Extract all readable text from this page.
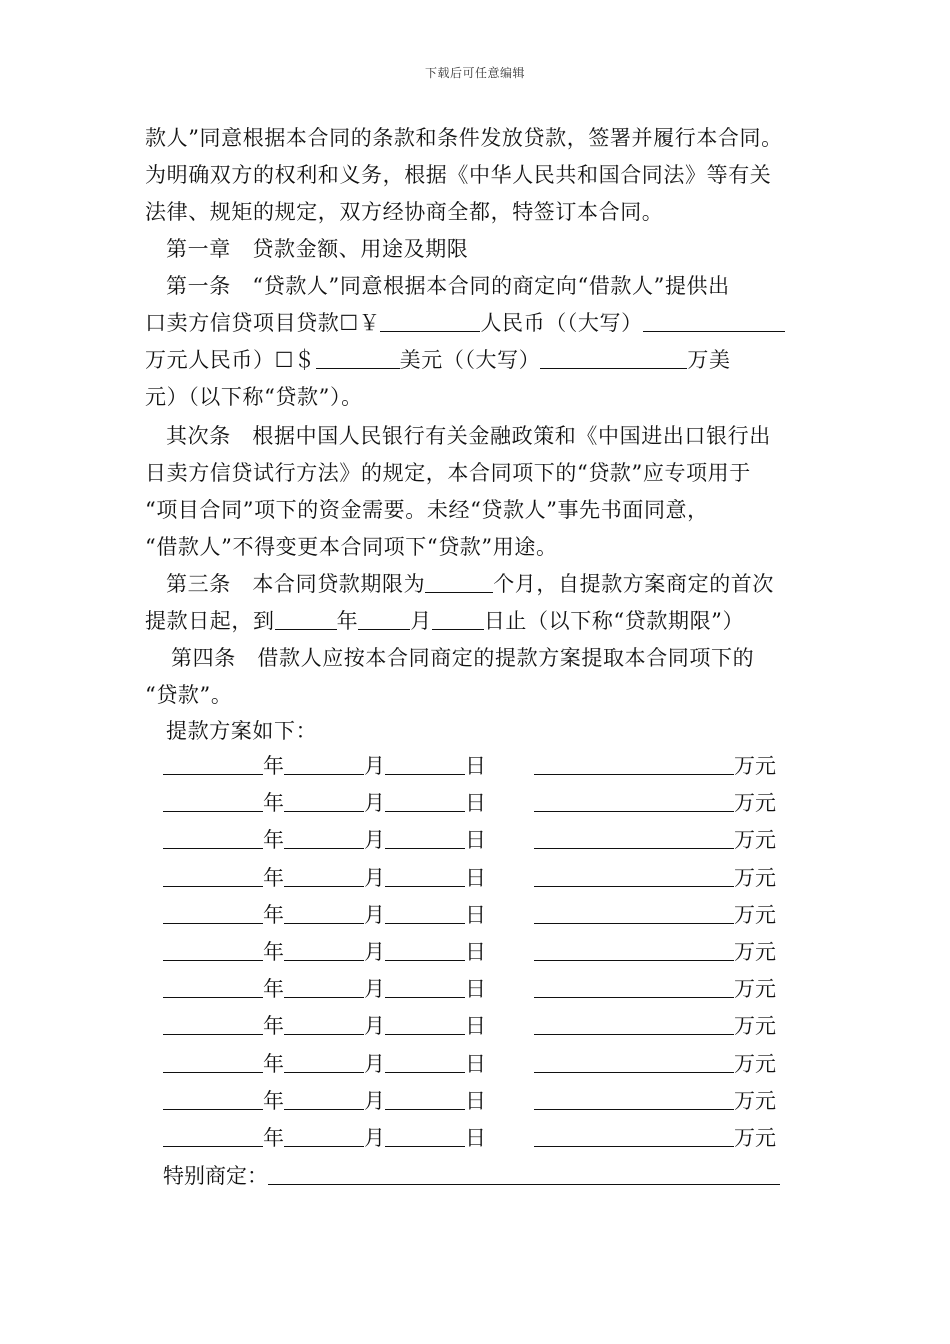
下载后可任意编辑
款人”同意根据本合同的条款和条件发放贷款，签署并履行本合同。
为明确双方的权利和义务，根据《中华人民共和国合同法》等有关
法律、规矩的规定，双方经协商全都，特签订本合同。
第一章　贷款金额、用途及期限
第一条　“贷款人”同意根据本合同的商定向“借款人”提供出
口卖方信贷项目贷款☐￥	人民币（（大写）
万元人民币）☐＄	美元（（大写）	万美
元）（以下称“贷款”）。
其次条　根据中国人民银行有关金融政策和《中国进出口银行出
日卖方信贷试行方法》的规定，本合同项下的“贷款”应专项用于
“项目合同”项下的资金需要。未经“贷款人”事先书面同意，
“借款人”不得变更本合同项下“贷款”用途。
第三条　本合同贷款期限为	个月，自提款方案商定的首次
提款日起，到	年 月 日止（以下称“贷款期限”）
第四条　借款人应按本合同商定的提款方案提取本合同项下的
“贷款”。
提款方案如下：
年	月	日	万元
年	月	日	万元
年	月	日	万元
年	月	日	万元
年	月	日	万元
年	月	日	万元
年	月	日	万元
年	月	日	万元
年	月	日	万元
年	月	日	万元
年	月	日	万元
特别商定：
